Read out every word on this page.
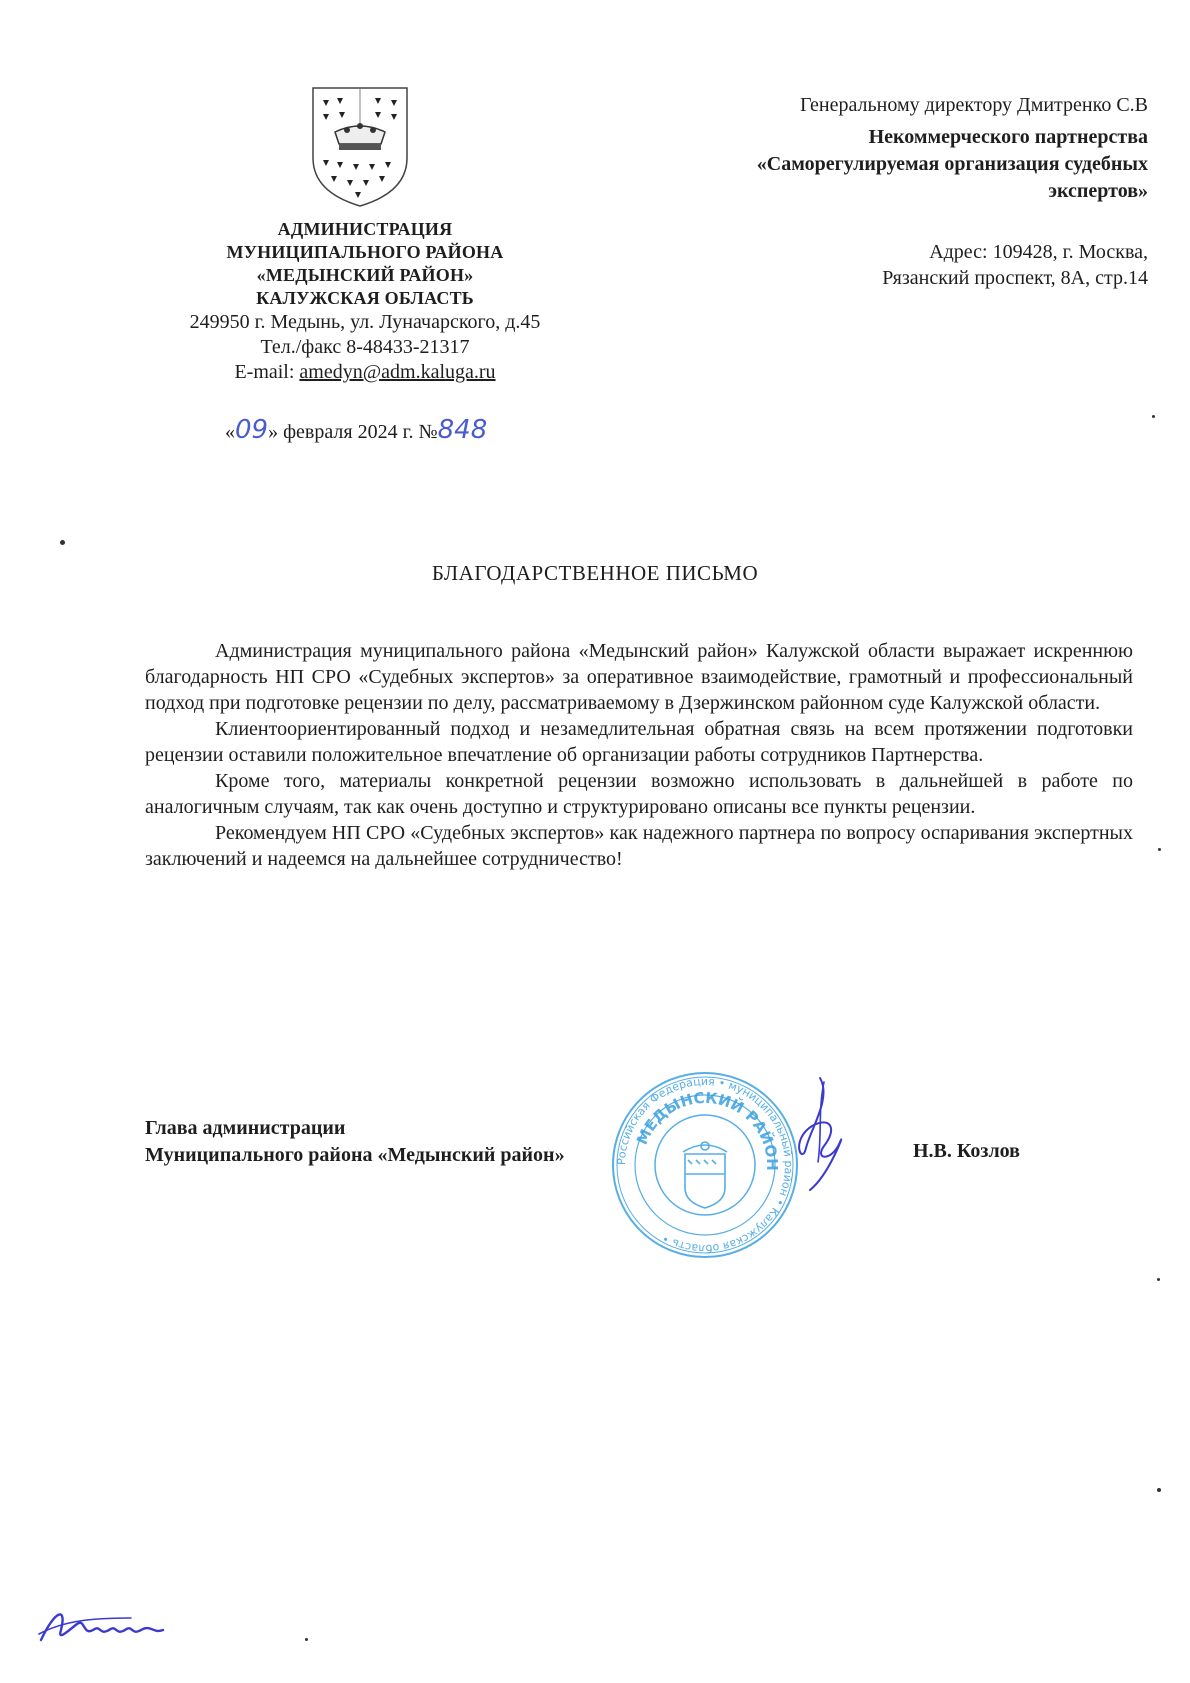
АДМИНИСТРАЦИЯ
МУНИЦИПАЛЬНОГО РАЙОНА
«МЕДЫНСКИЙ РАЙОН»
КАЛУЖСКАЯ ОБЛАСТЬ
249950 г. Медынь, ул. Луначарского, д.45
Тел./факс 8-48433-21317
E-mail: amedyn@adm.kaluga.ru
«09» февраля 2024 г. №848
Генеральному директору Дмитренко С.В
Некоммерческого партнерства
«Саморегулируемая организация судебных
экспертов»
Адрес: 109428, г. Москва,
Рязанский проспект, 8А, стр.14
БЛАГОДАРСТВЕННОЕ ПИСЬМО

Администрация муниципального района «Медынский район» Калужской области выражает искреннюю благодарность НП СРО «Судебных экспертов» за оперативное взаимодействие, грамотный и профессиональный подход при подготовке рецензии по делу, рассматриваемому в Дзержинском районном суде Калужской области.

Клиентоориентированный подход и незамедлительная обратная связь на всем протяжении подготовки рецензии оставили положительное впечатление об организации работы сотрудников Партнерства.

Кроме того, материалы конкретной рецензии возможно использовать в дальнейшей в работе по аналогичным случаям, так как очень доступно и структурировано описаны все пункты рецензии.

Рекомендуем НП СРО «Судебных экспертов» как надежного партнера по вопросу оспаривания экспертных заключений и надеемся на дальнейшее сотрудничество!

Глава администрации
Муниципального района «Медынский район»	Н.В. Козлов
Российская Федерация • муниципальный район • Калужская область •
МЕДЫНСКИЙ РАЙОН
